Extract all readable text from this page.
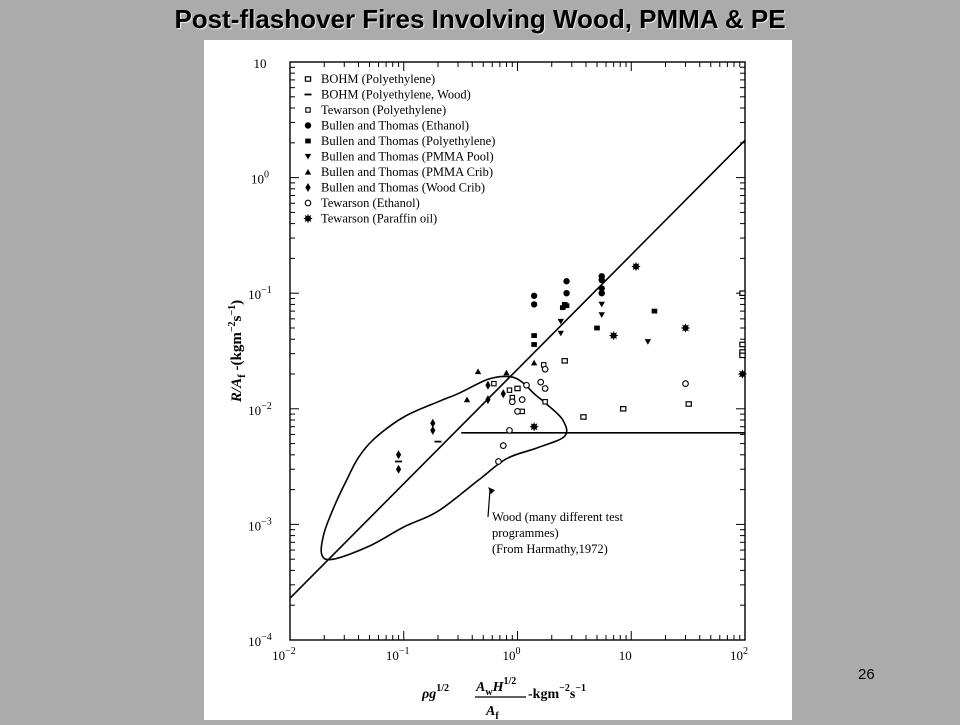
Post-flashover Fires Involving Wood, PMMA & PE
$10^{-2}$	$10^{-1}$	$10^0$	10	$10^2$
10
$10^0$
$10^{-1}$
$10^{-2}$
$10^{-3}$
$10^{-4}$
BOHM (Polyethylene)
BOHM (Polyethylene, Wood)
Tewarson (Polyethylene)
Bullen and Thomas (Ethanol)
Bullen and Thomas (Polyethylene)
Bullen and Thomas (PMMA Pool)
Bullen and Thomas (PMMA Crib)
Bullen and Thomas (Wood Crib)
Tewarson (Ethanol)
Tewarson (Paraffin oil)
Wood (many different test
programmes)
(From Harmathy,1972)
$R/A_f$ $-(kgm^{-2}s^{-1})$
$\rho g^{1/2}$ $A_wH^{1/2}$
$A_f$
$-kgm^{-2}s^{-1}$
26
